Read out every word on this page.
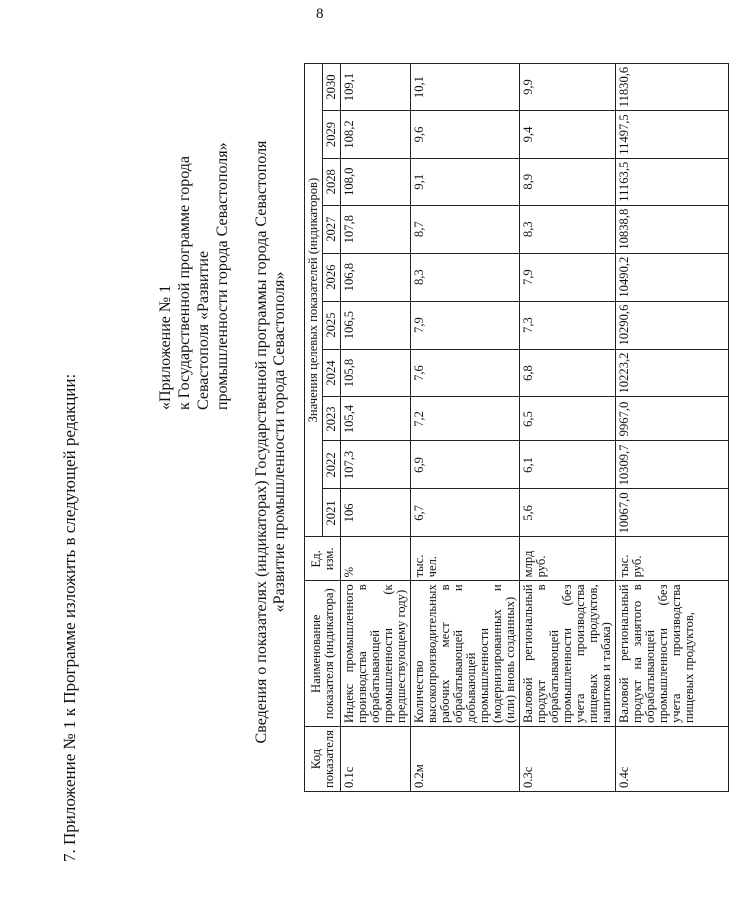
8
7. Приложение № 1 к Программе изложить в следующей редакции:
«Приложение № 1
к Государственной программе города
Севастополя «Развитие
промышленности города Севастополя» Сведения о показателях (индикаторах) Государственной программы города Севастополя «Развитие промышленности города Севастополя»
Код показателя	Наименование показателя (индикатора)	Ед. изм.	Значения целевых показателей (индикаторов)									
			2021	2022	2023	2024	2025	2026	2027	2028	2029	2030
0.1с	Индекс промышленного производства в обрабатывающей промышленности (к предшествующему году)	%	106	107,3	105,4	105,8	106,5	106,8	107,8	108,0	108,2	109,1
0.2м	Количество высокопроизводительных рабочих мест в обрабатывающей и добывающей промышленности (модернизированных и (или) вновь созданных)	тыс. чел.	6,7	6,9	7,2	7,6	7,9	8,3	8,7	9,1	9,6	10,1
0.3с	Валовой региональный продукт в обрабатывающей промышленности (без учета производства пищевых продуктов, напитков и табака)	млрд руб.	5,6	6,1	6,5	6,8	7,3	7,9	8,3	8,9	9,4	9,9
0.4с	Валовой региональный продукт на занятого в обрабатывающей промышленности (без учета производства пищевых продуктов,	тыс. руб.	10067,0	10309,7	9967,0	10223,2	10290,6	10490,2	10838,8	11163,5	11497,5	11830,6
